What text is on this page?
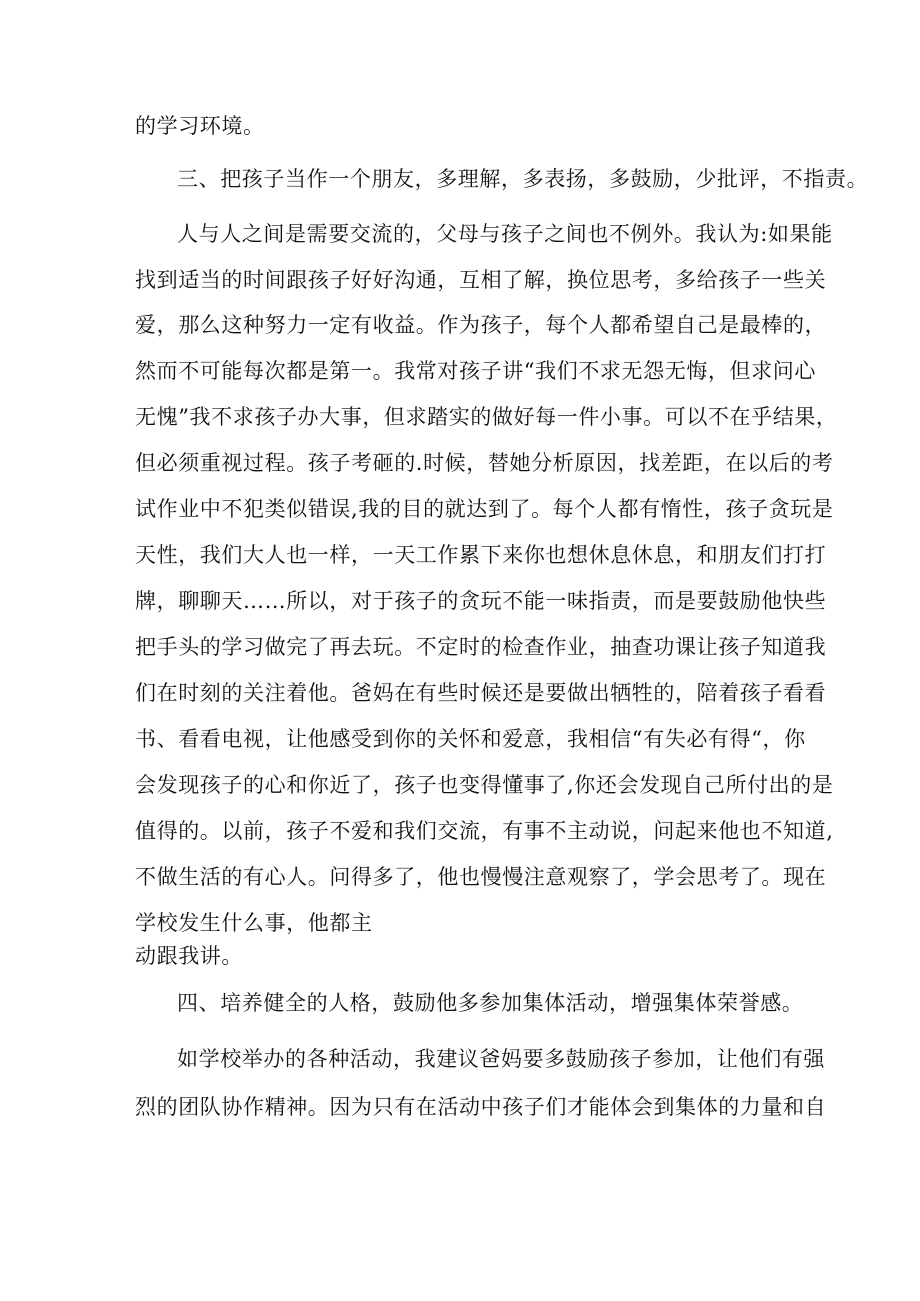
的学习环境。
三、把孩子当作一个朋友，多理解，多表扬，多鼓励，少批评，不指责。
人与人之间是需要交流的，父母与孩子之间也不例外。我认为:如果能
找到适当的时间跟孩子好好沟通，互相了解，换位思考，多给孩子一些关
爱，那么这种努力一定有收益。作为孩子，每个人都希望自己是最棒的，
然而不可能每次都是第一。我常对孩子讲“我们不求无怨无悔，但求问心
无愧”我不求孩子办大事，但求踏实的做好每一件小事。可以不在乎结果，
但必须重视过程。孩子考砸的.时候，替她分析原因，找差距，在以后的考
试作业中不犯类似错误,我的目的就达到了。每个人都有惰性，孩子贪玩是
天性，我们大人也一样，一天工作累下来你也想休息休息，和朋友们打打
牌，聊聊天……所以，对于孩子的贪玩不能一味指责，而是要鼓励他快些
把手头的学习做完了再去玩。不定时的检查作业，抽查功课让孩子知道我
们在时刻的关注着他。爸妈在有些时候还是要做出牺牲的，陪着孩子看看
书、看看电视，让他感受到你的关怀和爱意，我相信“有失必有得“，你
会发现孩子的心和你近了，孩子也变得懂事了,你还会发现自己所付出的是
值得的。以前，孩子不爱和我们交流，有事不主动说，问起来他也不知道,
不做生活的有心人。问得多了，他也慢慢注意观察了，学会思考了。现在
学校发生什么事，他都主
动跟我讲。
四、培养健全的人格，鼓励他多参加集体活动，增强集体荣誉感。
如学校举办的各种活动，我建议爸妈要多鼓励孩子参加，让他们有强
烈的团队协作精神。因为只有在活动中孩子们才能体会到集体的力量和自
